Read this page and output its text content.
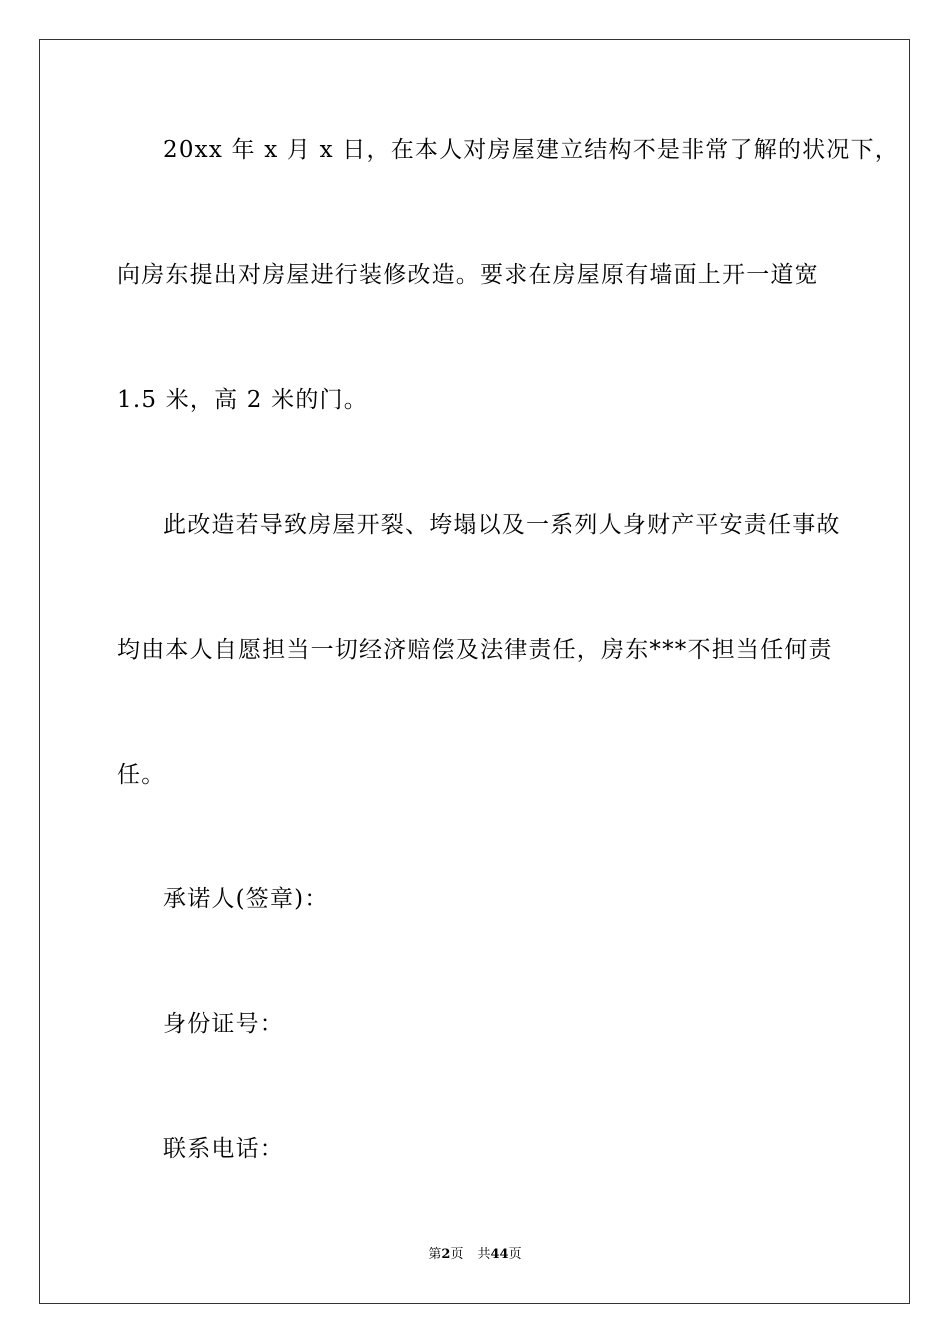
20xx 年 x 月 x 日，在本人对房屋建立结构不是非常了解的状况下，
向房东提出对房屋进行装修改造。要求在房屋原有墙面上开一道宽
1.5 米，高 2 米的门。
此改造若导致房屋开裂、垮塌以及一系列人身财产平安责任事故
均由本人自愿担当一切经济赔偿及法律责任，房东***不担当任何责
任。
承诺人(签章)：
身份证号：
联系电话：
第2页 共44页
